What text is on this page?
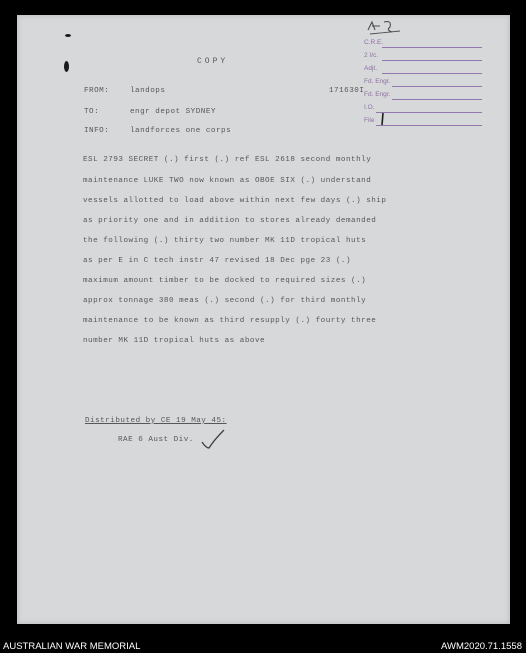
COPY
FROM:	landops	171630I
TO:	engr depot SYDNEY
INFO:	landforces one corps
ESL 2793 SECRET (.) first (.) ref ESL 2618 second monthly
maintenance LUKE TWO now known as OBOE SIX (.) understand
vessels allotted to load above within next few days (.) ship
as priority one and in addition to stores already demanded
the following (.) thirty two number MK 11D tropical huts
as per E in C tech instr 47 revised 18 Dec pge 23 (.)
maximum amount timber to be docked to required sizes (.)
approx tonnage 380 meas (.) second (.) for third monthly
maintenance to be known as third resupply (.) fourty three
number MK 11D tropical huts as above
Distributed by CE 19 May 45:
RAE 6 Aust Div.
C.R.E.
2 I/c.
Adjt.
Fd. Engr.
Fd. Engr.
I.O.
File
AUSTRALIAN WAR MEMORIAL	AWM2020.71.1558
